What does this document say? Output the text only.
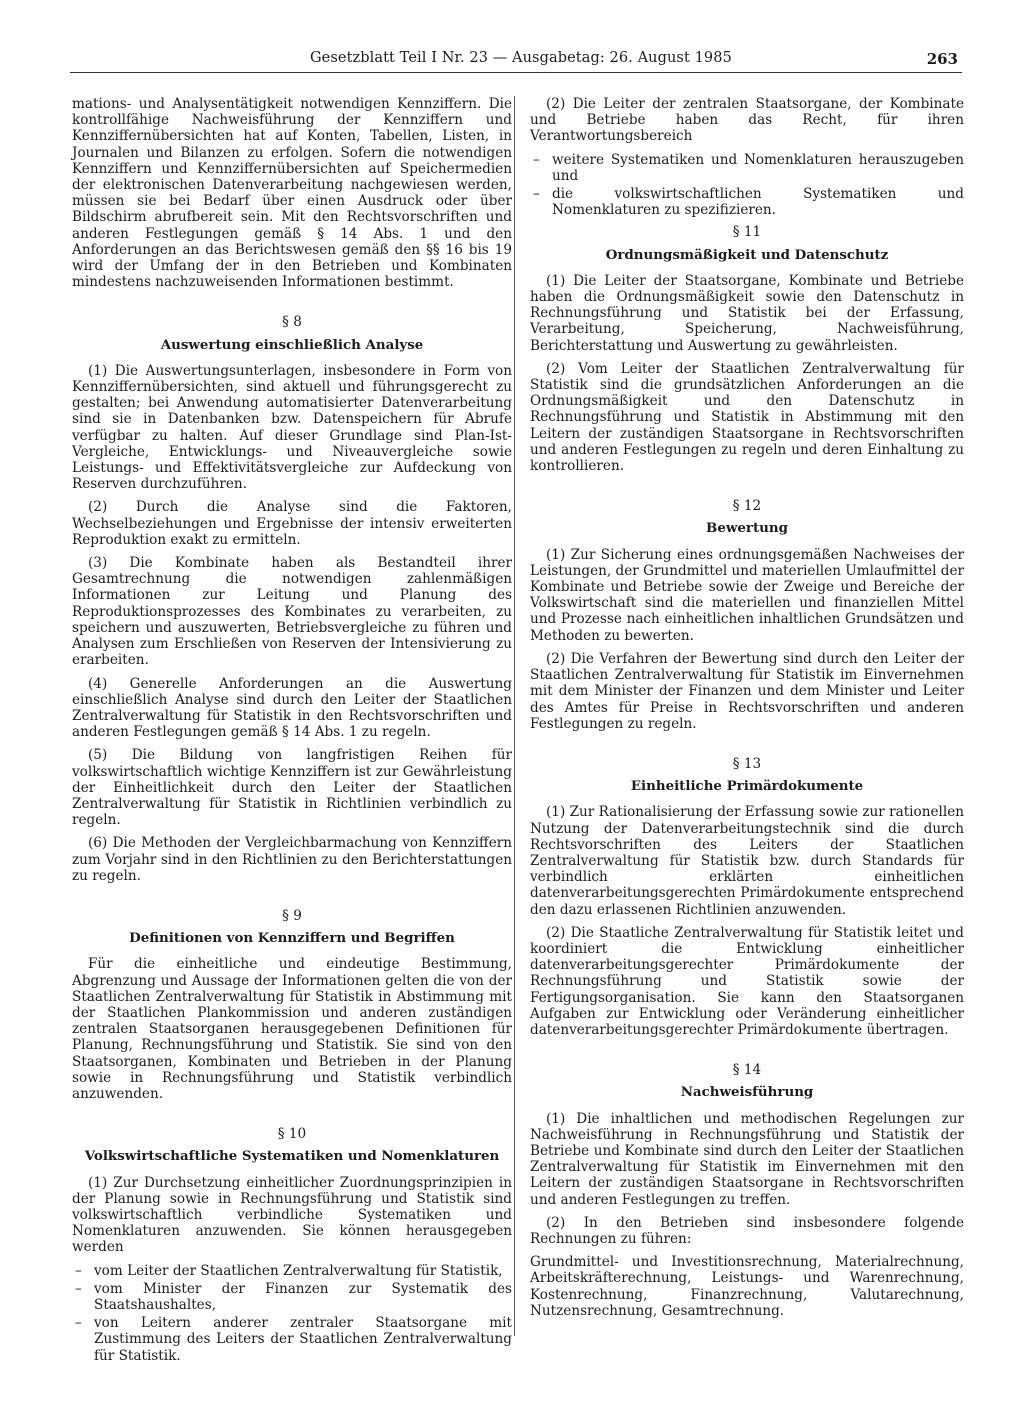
Gesetzblatt Teil I Nr. 23 — Ausgabetag: 26. August 1985	263

mations- und Analysentätigkeit notwendigen Kennziffern. Die kontrollfähige Nachweisführung der Kennziffern und Kennziffernübersichten hat auf Konten, Tabellen, Listen, in Journalen und Bilanzen zu erfolgen. Sofern die notwendigen Kennziffern und Kennziffernübersichten auf Speichermedien der elektronischen Datenverarbeitung nachgewiesen werden, müssen sie bei Bedarf über einen Ausdruck oder über Bildschirm abrufbereit sein. Mit den Rechtsvorschriften und anderen Festlegungen gemäß § 14 Abs. 1 und den Anforderungen an das Berichtswesen gemäß den §§ 16 bis 19 wird der Umfang der in den Betrieben und Kombinaten mindestens nachzuweisenden Informationen bestimmt.

§ 8
Auswertung einschließlich Analyse

(1) Die Auswertungsunterlagen, insbesondere in Form von Kennziffernübersichten, sind aktuell und führungsgerecht zu gestalten; bei Anwendung automatisierter Datenverarbeitung sind sie in Datenbanken bzw. Datenspeichern für Abrufe verfügbar zu halten. Auf dieser Grundlage sind Plan-Ist-Vergleiche, Entwicklungs- und Niveauvergleiche sowie Leistungs- und Effektivitätsvergleiche zur Aufdeckung von Reserven durchzuführen.

(2) Durch die Analyse sind die Faktoren, Wechselbeziehungen und Ergebnisse der intensiv erweiterten Reproduktion exakt zu ermitteln.

(3) Die Kombinate haben als Bestandteil ihrer Gesamtrechnung die notwendigen zahlenmäßigen Informationen zur Leitung und Planung des Reproduktionsprozesses des Kombinates zu verarbeiten, zu speichern und auszuwerten, Betriebsvergleiche zu führen und Analysen zum Erschließen von Reserven der Intensivierung zu erarbeiten.

(4) Generelle Anforderungen an die Auswertung einschließlich Analyse sind durch den Leiter der Staatlichen Zentralverwaltung für Statistik in den Rechtsvorschriften und anderen Festlegungen gemäß § 14 Abs. 1 zu regeln.

(5) Die Bildung von langfristigen Reihen für volkswirtschaftlich wichtige Kennziffern ist zur Gewährleistung der Einheitlichkeit durch den Leiter der Staatlichen Zentralverwaltung für Statistik in Richtlinien verbindlich zu regeln.

(6) Die Methoden der Vergleichbarmachung von Kennziffern zum Vorjahr sind in den Richtlinien zu den Berichterstattungen zu regeln.

§ 9
Definitionen von Kennziffern und Begriffen

Für die einheitliche und eindeutige Bestimmung, Abgrenzung und Aussage der Informationen gelten die von der Staatlichen Zentralverwaltung für Statistik in Abstimmung mit der Staatlichen Plankommission und anderen zuständigen zentralen Staatsorganen herausgegebenen Definitionen für Planung, Rechnungsführung und Statistik. Sie sind von den Staatsorganen, Kombinaten und Betrieben in der Planung sowie in Rechnungsführung und Statistik verbindlich anzuwenden.

§ 10
Volkswirtschaftliche Systematiken und Nomenklaturen

(1) Zur Durchsetzung einheitlicher Zuordnungsprinzipien in der Planung sowie in Rechnungsführung und Statistik sind volkswirtschaftlich verbindliche Systematiken und Nomenklaturen anzuwenden. Sie können herausgegeben werden

– vom Leiter der Staatlichen Zentralverwaltung für Statistik,
– vom Minister der Finanzen zur Systematik des Staatshaushaltes,
– von Leitern anderer zentraler Staatsorgane mit Zustimmung des Leiters der Staatlichen Zentralverwaltung für Statistik.

(2) Die Leiter der zentralen Staatsorgane, der Kombinate und Betriebe haben das Recht, für ihren Verantwortungsbereich

– weitere Systematiken und Nomenklaturen herauszugeben und
– die volkswirtschaftlichen Systematiken und Nomenklaturen zu spezifizieren.
§ 11
Ordnungsmäßigkeit und Datenschutz

(1) Die Leiter der Staatsorgane, Kombinate und Betriebe haben die Ordnungsmäßigkeit sowie den Datenschutz in Rechnungsführung und Statistik bei der Erfassung, Verarbeitung, Speicherung, Nachweisführung, Berichterstattung und Auswertung zu gewährleisten.

(2) Vom Leiter der Staatlichen Zentralverwaltung für Statistik sind die grundsätzlichen Anforderungen an die Ordnungsmäßigkeit und den Datenschutz in Rechnungsführung und Statistik in Abstimmung mit den Leitern der zuständigen Staatsorgane in Rechtsvorschriften und anderen Festlegungen zu regeln und deren Einhaltung zu kontrollieren.

§ 12
Bewertung

(1) Zur Sicherung eines ordnungsgemäßen Nachweises der Leistungen, der Grundmittel und materiellen Umlaufmittel der Kombinate und Betriebe sowie der Zweige und Bereiche der Volkswirtschaft sind die materiellen und finanziellen Mittel und Prozesse nach einheitlichen inhaltlichen Grundsätzen und Methoden zu bewerten.

(2) Die Verfahren der Bewertung sind durch den Leiter der Staatlichen Zentralverwaltung für Statistik im Einvernehmen mit dem Minister der Finanzen und dem Minister und Leiter des Amtes für Preise in Rechtsvorschriften und anderen Festlegungen zu regeln.

§ 13
Einheitliche Primärdokumente

(1) Zur Rationalisierung der Erfassung sowie zur rationellen Nutzung der Datenverarbeitungstechnik sind die durch Rechtsvorschriften des Leiters der Staatlichen Zentralverwaltung für Statistik bzw. durch Standards für verbindlich erklärten einheitlichen datenverarbeitungsgerechten Primärdokumente entsprechend den dazu erlassenen Richtlinien anzuwenden.

(2) Die Staatliche Zentralverwaltung für Statistik leitet und koordiniert die Entwicklung einheitlicher datenverarbeitungsgerechter Primärdokumente der Rechnungsführung und Statistik sowie der Fertigungsorganisation. Sie kann den Staatsorganen Aufgaben zur Entwicklung oder Veränderung einheitlicher datenverarbeitungsgerechter Primärdokumente übertragen.

§ 14
Nachweisführung

(1) Die inhaltlichen und methodischen Regelungen zur Nachweisführung in Rechnungsführung und Statistik der Betriebe und Kombinate sind durch den Leiter der Staatlichen Zentralverwaltung für Statistik im Einvernehmen mit den Leitern der zuständigen Staatsorgane in Rechtsvorschriften und anderen Festlegungen zu treffen.

(2) In den Betrieben sind insbesondere folgende Rechnungen zu führen:

Grundmittel- und Investitionsrechnung, Materialrechnung, Arbeitskräfterechnung, Leistungs- und Warenrechnung, Kostenrechnung, Finanzrechnung, Valutarechnung, Nutzensrechnung, Gesamtrechnung.
